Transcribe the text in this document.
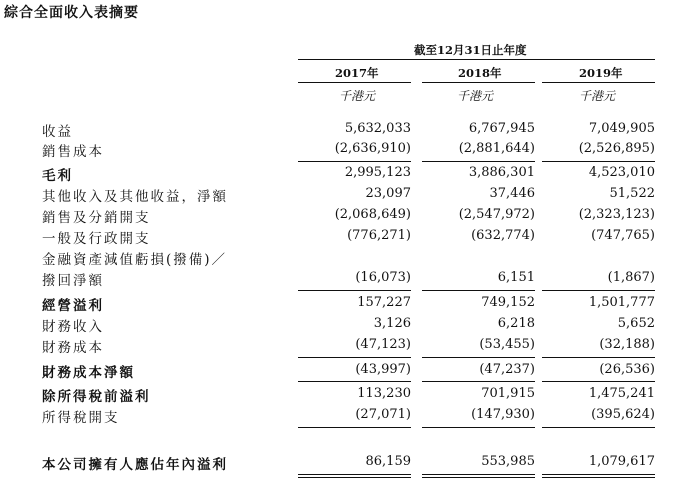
綜合全面收入表摘要
截至12月31日止年度
2017年	2018年	2019年
千港元	千港元	千港元
收益	5,632,033	6,767,945	7,049,905
銷售成本	(2,636,910)	(2,881,644)	(2,526,895)
毛利	2,995,123	3,886,301	4,523,010
其他收入及其他收益，淨額	23,097	37,446	51,522
銷售及分銷開支	(2,068,649)	(2,547,972)	(2,323,123)
一般及行政開支	(776,271)	(632,774)	(747,765)
金融資產減值虧損(撥備)／
撥回淨額	(16,073)	6,151	(1,867)
經營溢利	157,227	749,152	1,501,777
財務收入	3,126	6,218	5,652
財務成本	(47,123)	(53,455)	(32,188)
財務成本淨額	(43,997)	(47,237)	(26,536)
除所得稅前溢利	113,230	701,915	1,475,241
所得稅開支	(27,071)	(147,930)	(395,624)
本公司擁有人應佔年內溢利	86,159	553,985	1,079,617
